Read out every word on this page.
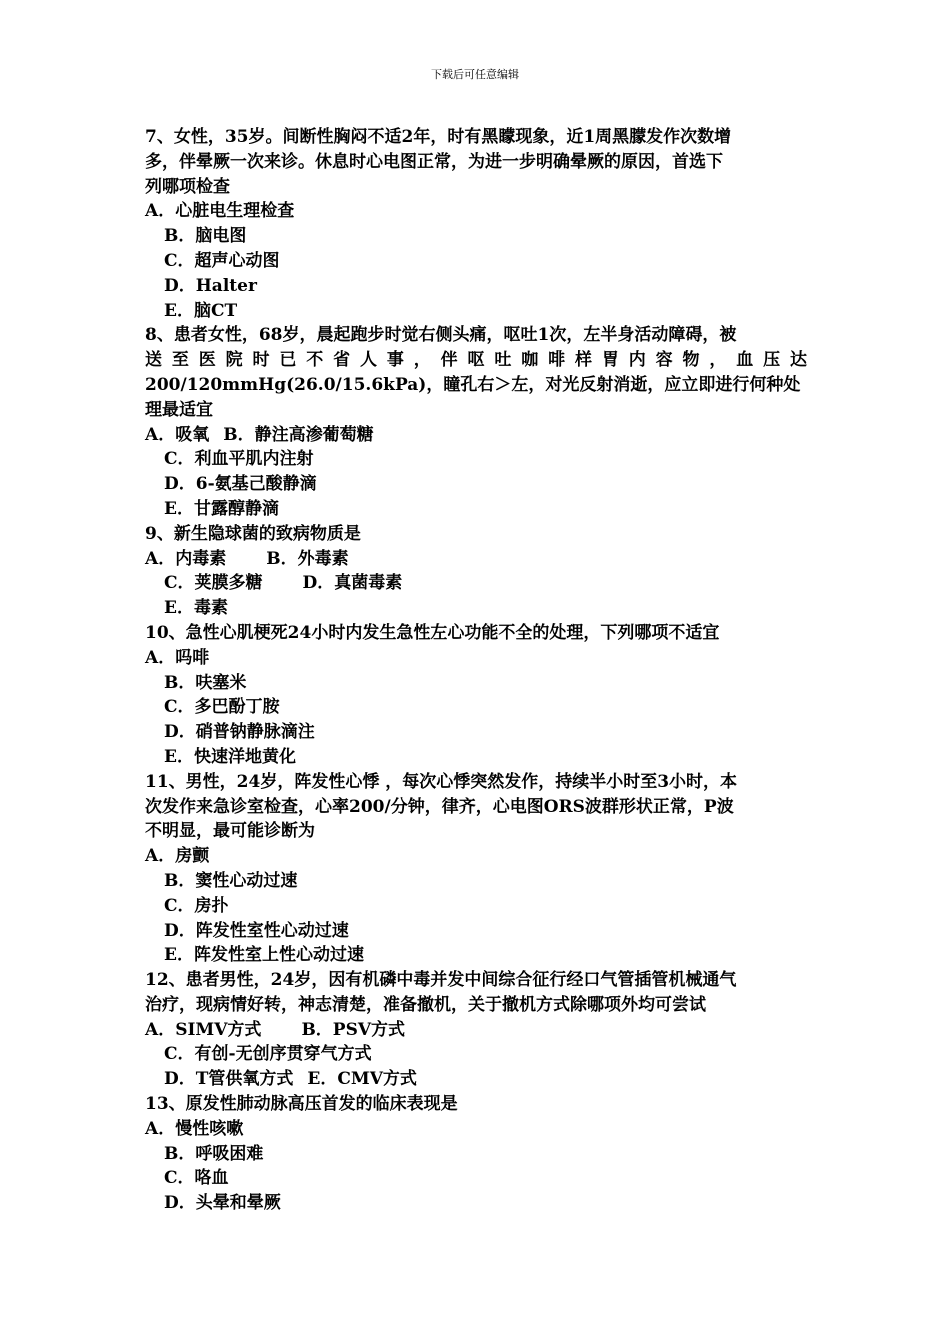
下载后可任意编辑
7、女性，35岁。间断性胸闷不适2年，时有黑矇现象，近1周黑朦发作次数增
多，伴晕厥一次来诊。休息时心电图正常，为进一步明确晕厥的原因，首选下
列哪项检查
A．心脏电生理检查
B．脑电图
C．超声心动图
D．Halter
E．脑CT
8、患者女性，68岁，晨起跑步时觉右侧头痛，呕吐1次，左半身活动障碍，被
送至医院时已不省人事，伴呕吐咖啡样胃内容物，血压达
200/120mmHg(26.0/15.6kPa)，瞳孔右＞左，对光反射消逝，应立即进行何种处
理最适宜
A．吸氧 B．静注高渗葡萄糖
C．利血平肌内注射
D．6-氨基己酸静滴
E．甘露醇静滴
9、新生隐球菌的致病物质是
A．内毒素 B．外毒素
C．荚膜多糖 D．真菌毒素
E．毒素
10、急性心肌梗死24小时内发生急性左心功能不全的处理，下列哪项不适宜
A．吗啡
B．呋塞米
C．多巴酚丁胺
D．硝普钠静脉滴注
E．快速洋地黄化
11、男性，24岁，阵发性心悸 ，每次心悸突然发作，持续半小时至3小时，本
次发作来急诊室检查，心率200/分钟，律齐，心电图ORS波群形状正常，P波
不明显，最可能诊断为
A．房颤
B．窦性心动过速
C．房扑
D．阵发性室性心动过速
E．阵发性室上性心动过速
12、患者男性，24岁，因有机磷中毒并发中间综合征行经口气管插管机械通气
治疗，现病情好转，神志清楚，准备撤机，关于撤机方式除哪项外均可尝试
A．SIMV方式 B．PSV方式
C．有创-无创序贯穿气方式
D．T管供氧方式 E．CMV方式
13、原发性肺动脉高压首发的临床表现是
A．慢性咳嗽
B．呼吸困难
C．咯血
D．头晕和晕厥
